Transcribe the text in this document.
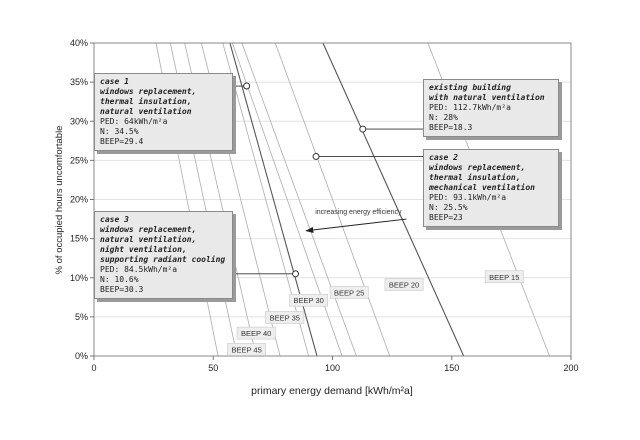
0%
5%
10%
15%
20%
25%
30%
35%
40%
0	50	100	150	200
BEEP 15
BEEP 20
BEEP 25
BEEP 30
BEEP 35
BEEP 40
BEEP 45
increasing energy efficiency
primary energy demand [kWh/m²a]
% of occupied hours uncomfortable
case 1
windows replacement,
thermal insulation,
natural ventilation
PED: 64kWh/m²a
N: 34.5%
BEEP=29.4
existing building
with natural ventilation
PED: 112.7kWh/m²a
N: 28%
BEEP=18.3
case 2
windows replacement,
thermal insulation,
mechanical ventilation
PED: 93.1kWh/m²a
N: 25.5%
BEEP=23
case 3
windows replacement,
natural ventilation,
night ventilation,
supporting radiant cooling
PED: 84.5kWh/m²a
N: 10.6%
BEEP=30.3
